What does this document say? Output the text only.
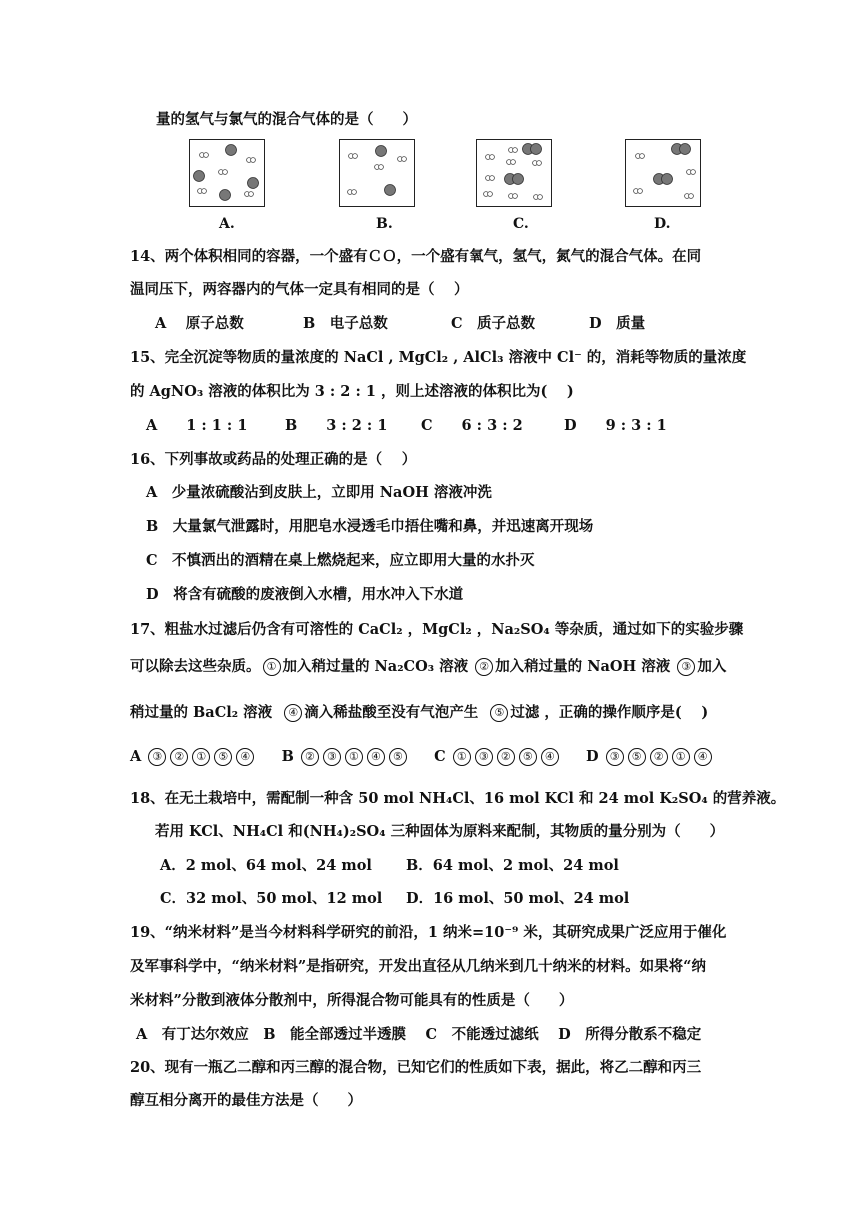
量的氢气与氯气的混合气体的是（　　）
A.	B.	C.	D.
14、两个体积相同的容器，一个盛有ＣＯ，一个盛有氧气，氢气，氮气的混合气体。在同
温同压下，两容器内的气体一定具有相同的是（　 ）
A　 原子总数	B　电子总数	C　质子总数	D　质量
15、完全沉淀等物质的量浓度的 NaCl , MgCl₂ , AlCl₃ 溶液中 Cl⁻ 的，消耗等物质的量浓度
的 AgNO₃ 溶液的体积比为 3 : 2 : 1 ，则上述溶液的体积比为(　 )
A　　1 : 1 : 1	B　　3 : 2 : 1 C　　6 : 3 : 2	D　　9 : 3 : 1
16、下列事故或药品的处理正确的是（　 ）
A　少量浓硫酸沾到皮肤上，立即用 NaOH 溶液冲洗
B　大量氯气泄露时，用肥皂水浸透毛巾捂住嘴和鼻，并迅速离开现场
C　不慎洒出的酒精在桌上燃烧起来，应立即用大量的水扑灭
D　将含有硫酸的废液倒入水槽，用水冲入下水道
17、粗盐水过滤后仍含有可溶性的 CaCl₂ ，MgCl₂ ，Na₂SO₄ 等杂质，通过如下的实验步骤
可以除去这些杂质。 ① 加入稍过量的 Na₂CO₃ 溶液 ② 加入稍过量的 NaOH 溶液 ③ 加入
稍过量的 BaCl₂ 溶液 ④ 滴入稀盐酸至没有气泡产生 ⑤ 过滤 ，正确的操作顺序是(　 )
A ③ ② ① ⑤ ④ B ② ③ ① ④ ⑤ C ① ③ ② ⑤ ④ D ③ ⑤ ② ① ④
18、在无土栽培中，需配制一种含 50 mol NH₄Cl、16 mol KCl 和 24 mol K₂SO₄ 的营养液。
若用 KCl、NH₄Cl 和(NH₄)₂SO₄ 三种固体为原料来配制，其物质的量分别为（　　）
A．2 mol、64 mol、24 mol B．64 mol、2 mol、24 mol
C．32 mol、50 mol、12 mol D．16 mol、50 mol、24 mol
19、“纳米材料”是当今材料科学研究的前沿，1 纳米=10⁻⁹ 米，其研究成果广泛应用于催化
及军事科学中，“纳米材料”是指研究，开发出直径从几纳米到几十纳米的材料。如果将“纳
米材料”分散到液体分散剂中，所得混合物可能具有的性质是（　　）
A　有丁达尔效应　B　能全部透过半透膜　 C　不能透过滤纸　 D　所得分散系不稳定
20、现有一瓶乙二醇和丙三醇的混合物，已知它们的性质如下表，据此，将乙二醇和丙三
醇互相分离开的最佳方法是（　　）
